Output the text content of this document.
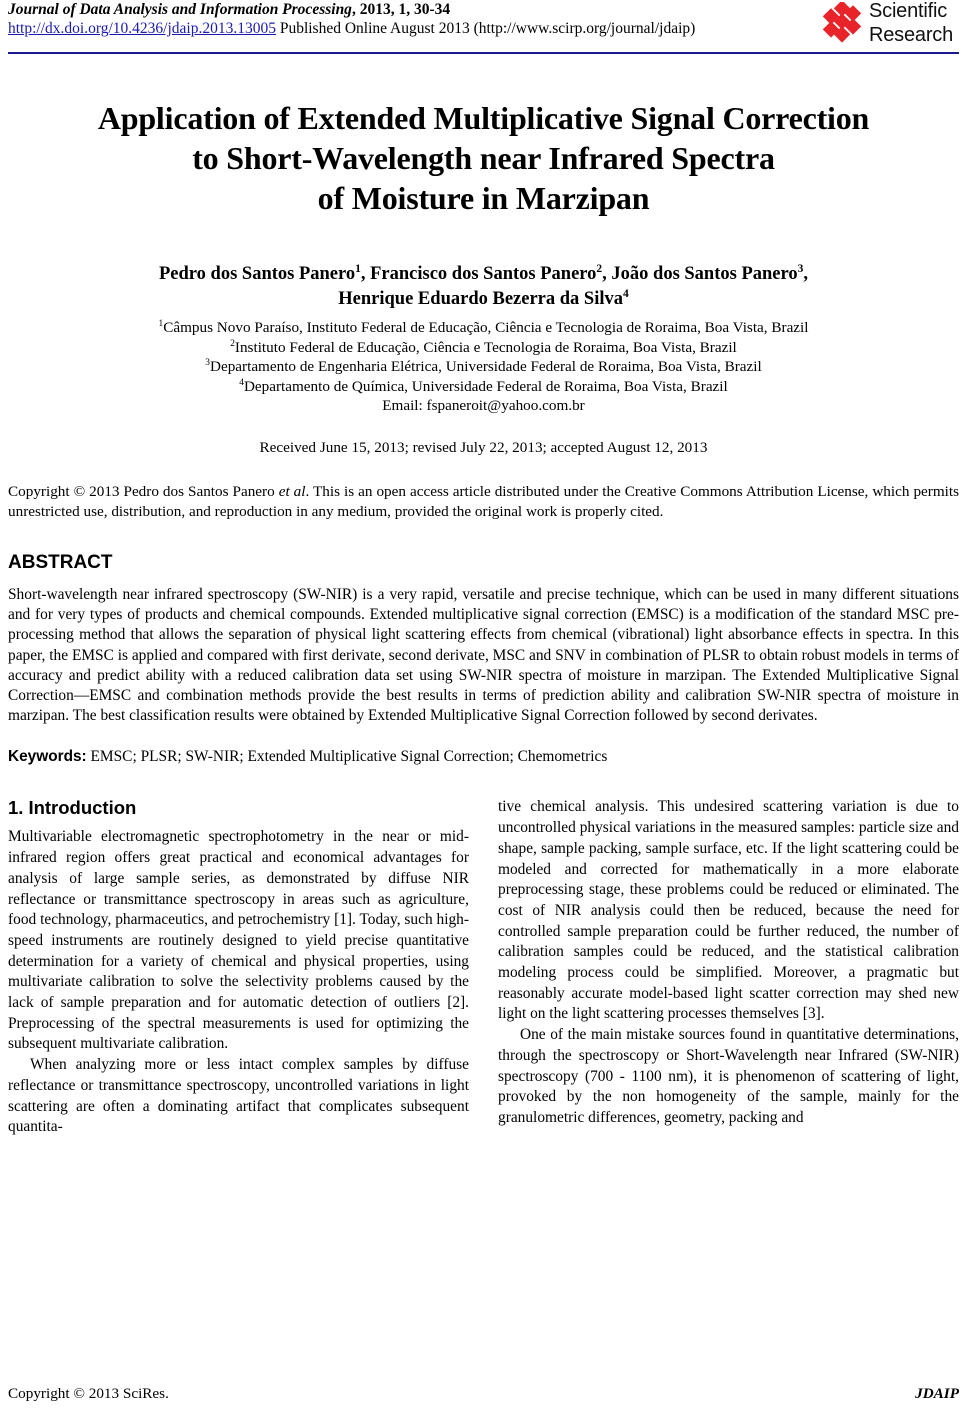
Journal of Data Analysis and Information Processing, 2013, 1, 30-34
http://dx.doi.org/10.4236/jdaip.2013.13005 Published Online August 2013 (http://www.scirp.org/journal/jdaip)
Scientific
Research
Application of Extended Multiplicative Signal Correction
to Short-Wavelength near Infrared Spectra
of Moisture in Marzipan
Pedro dos Santos Panero$^1$, Francisco dos Santos Panero$^2$, João dos Santos Panero$^3$,
Henrique Eduardo Bezerra da Silva$^4$
$^1$Câmpus Novo Paraíso, Instituto Federal de Educação, Ciência e Tecnologia de Roraima, Boa Vista, Brazil
$^2$Instituto Federal de Educação, Ciência e Tecnologia de Roraima, Boa Vista, Brazil
$^3$Departamento de Engenharia Elétrica, Universidade Federal de Roraima, Boa Vista, Brazil
$^4$Departamento de Química, Universidade Federal de Roraima, Boa Vista, Brazil
Email: fspaneroit@yahoo.com.br
Received June 15, 2013; revised July 22, 2013; accepted August 12, 2013
Copyright © 2013 Pedro dos Santos Panero et al. This is an open access article distributed under the Creative Commons Attribution License, which permits unrestricted use, distribution, and reproduction in any medium, provided the original work is properly cited.
ABSTRACT
Short-wavelength near infrared spectroscopy (SW-NIR) is a very rapid, versatile and precise technique, which can be used in many different situations and for very types of products and chemical compounds. Extended multiplicative signal correction (EMSC) is a modification of the standard MSC pre-processing method that allows the separation of physical light scattering effects from chemical (vibrational) light absorbance effects in spectra. In this paper, the EMSC is applied and compared with first derivate, second derivate, MSC and SNV in combination of PLSR to obtain robust models in terms of accuracy and predict ability with a reduced calibration data set using SW-NIR spectra of moisture in marzipan. The Extended Multiplicative Signal Correction—EMSC and combination methods provide the best results in terms of prediction ability and calibration SW-NIR spectra of moisture in marzipan. The best classification results were obtained by Extended Multiplicative Signal Correction followed by second derivates.
Keywords: EMSC; PLSR; SW-NIR; Extended Multiplicative Signal Correction; Chemometrics
1. Introduction

Multivariable electromagnetic spectrophotometry in the near or mid-infrared region offers great practical and economical advantages for analysis of large sample series, as demonstrated by diffuse NIR reflectance or transmittance spectroscopy in areas such as agriculture, food technology, pharmaceutics, and petrochemistry [1]. Today, such high-speed instruments are routinely designed to yield precise quantitative determination for a variety of chemical and physical properties, using multivariate calibration to solve the selectivity problems caused by the lack of sample preparation and for automatic detection of outliers [2]. Preprocessing of the spectral measurements is used for optimizing the subsequent multivariate calibration.

When analyzing more or less intact complex samples by diffuse reflectance or transmittance spectroscopy, uncontrolled variations in light scattering are often a dominating artifact that complicates subsequent quantita-

tive chemical analysis. This undesired scattering variation is due to uncontrolled physical variations in the measured samples: particle size and shape, sample packing, sample surface, etc. If the light scattering could be modeled and corrected for mathematically in a more elaborate preprocessing stage, these problems could be reduced or eliminated. The cost of NIR analysis could then be reduced, because the need for controlled sample preparation could be further reduced, the number of calibration samples could be reduced, and the statistical calibration modeling process could be simplified. Moreover, a pragmatic but reasonably accurate model-based light scatter correction may shed new light on the light scattering processes themselves [3].

One of the main mistake sources found in quantitative determinations, through the spectroscopy or Short-Wavelength near Infrared (SW-NIR) spectroscopy (700 - 1100 nm), it is phenomenon of scattering of light, provoked by the non homogeneity of the sample, mainly for the granulometric differences, geometry, packing and

Copyright © 2013 SciRes.	JDAIP
